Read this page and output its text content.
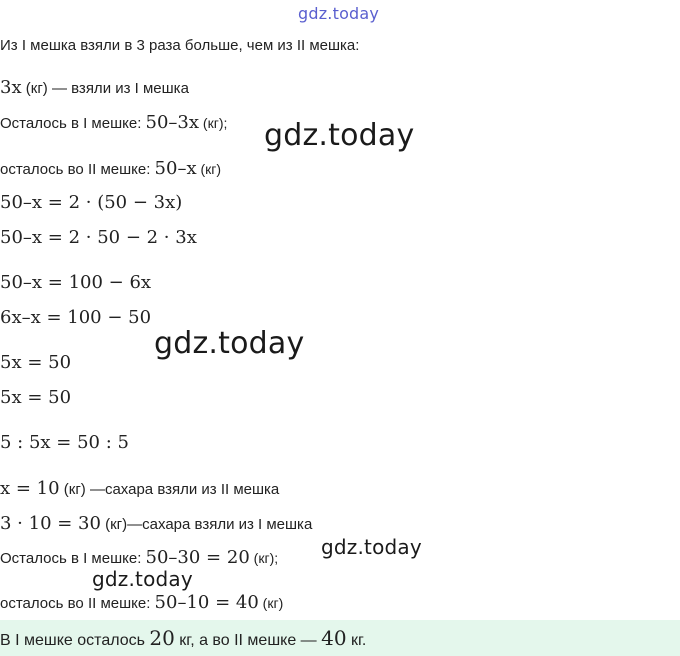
gdz.today
gdz.today
gdz.today
gdz.today
gdz.today

Из I мешка взяли в 3 раза больше, чем из II мешка:

3x (кг) — взяли из I мешка

Осталось в I мешке: 50–3x (кг);

осталось во II мешке: 50–x (кг)

50–x = 2 · (50 − 3x)

50–x = 2 · 50 − 2 · 3x

50–x = 100 − 6x

6x–x = 100 − 50

5x = 50

5x = 50

5 : 5x = 50 : 5

x = 10 (кг) —сахара взяли из II мешка

3 · 10 = 30 (кг)—сахара взяли из I мешка

Осталось в I мешке: 50–30 = 20 (кг);

осталось во II мешке: 50–10 = 40 (кг)

В I мешке осталось 20 кг, а во II мешке — 40 кг.
